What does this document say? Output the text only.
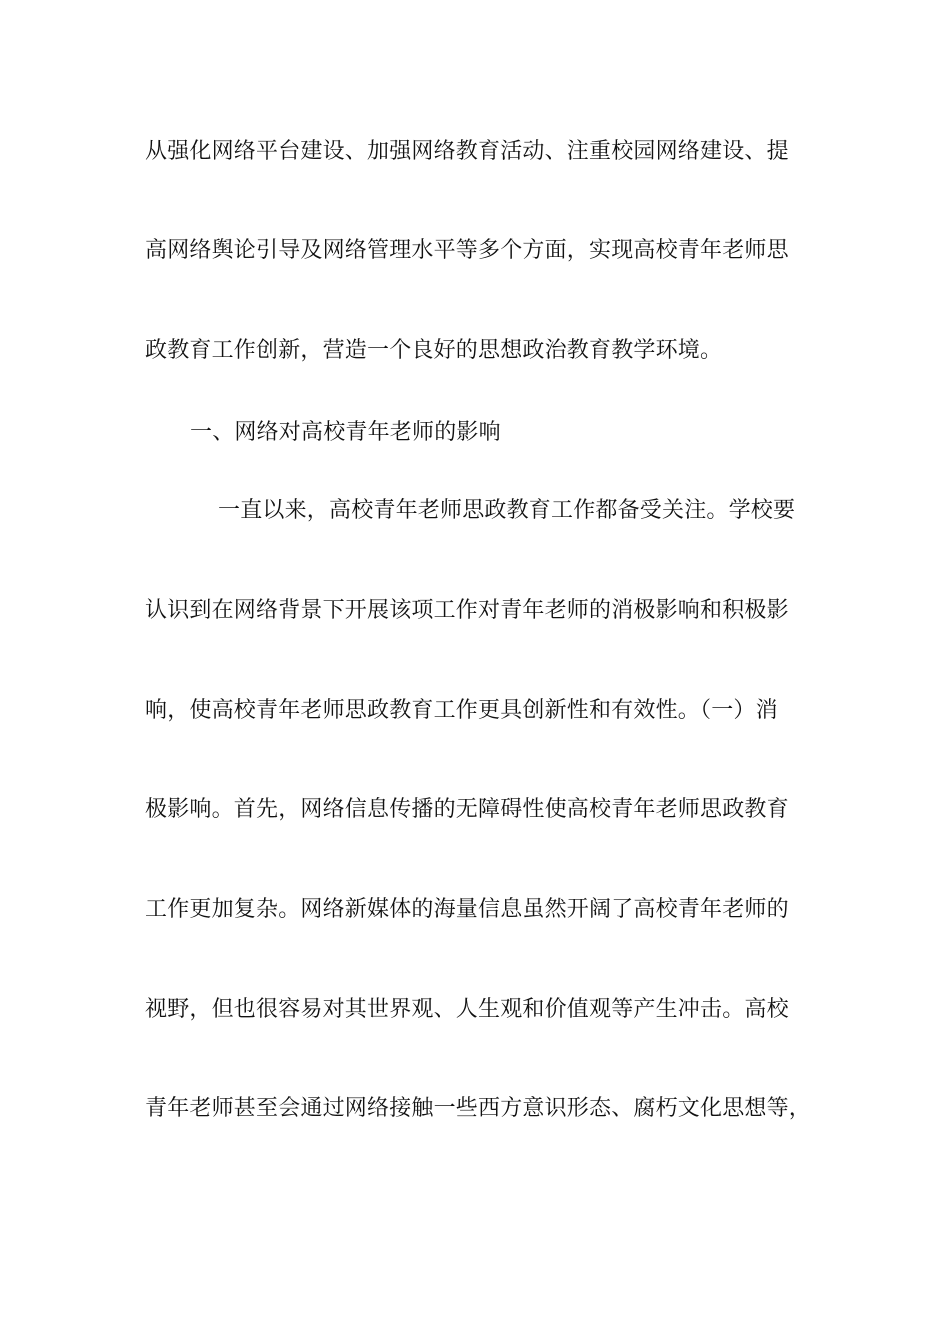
从强化网络平台建设、加强网络教育活动、注重校园网络建设、提
高网络舆论引导及网络管理水平等多个方面，实现高校青年老师思
政教育工作创新，营造一个良好的思想政治教育教学环境。
一、网络对高校青年老师的影响
一直以来，高校青年老师思政教育工作都备受关注。学校要
认识到在网络背景下开展该项工作对青年老师的消极影响和积极影
响，使高校青年老师思政教育工作更具创新性和有效性。（一）消
极影响。首先，网络信息传播的无障碍性使高校青年老师思政教育
工作更加复杂。网络新媒体的海量信息虽然开阔了高校青年老师的
视野，但也很容易对其世界观、人生观和价值观等产生冲击。高校
青年老师甚至会通过网络接触一些西方意识形态、腐朽文化思想等，
